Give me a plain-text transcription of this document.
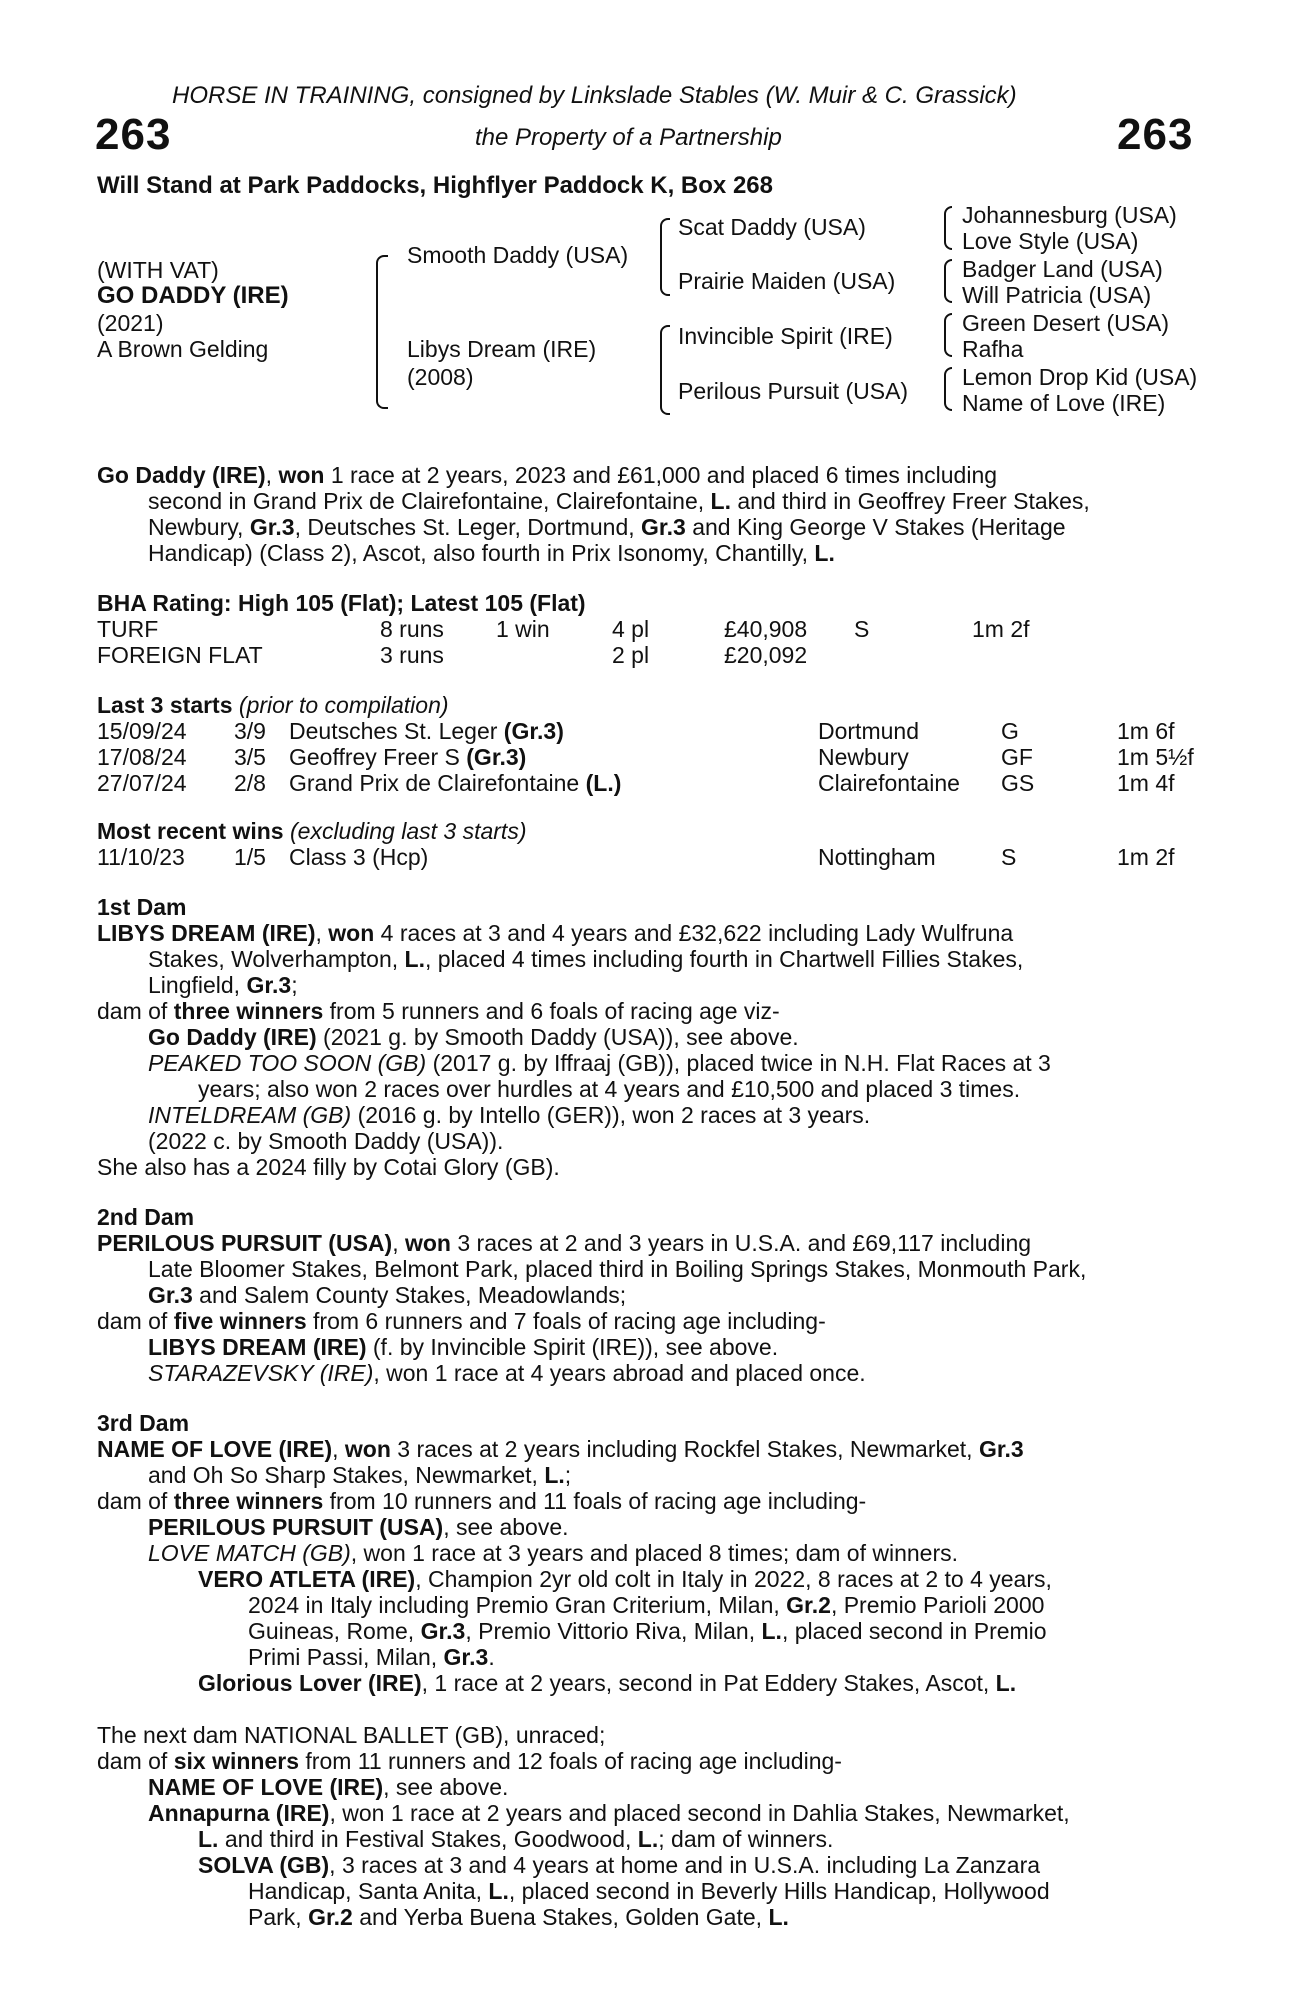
HORSE IN TRAINING, consigned by Linkslade Stables (W. Muir & C. Grassick)
263	the Property of a Partnership	263
Will Stand at Park Paddocks, Highflyer Paddock K, Box 268
(WITH VAT)
GO DADDY (IRE)
(2021)
A Brown Gelding
Smooth Daddy (USA)
Libys Dream (IRE)
(2008)
Scat Daddy (USA)
Prairie Maiden (USA)
Invincible Spirit (IRE)
Perilous Pursuit (USA)
Johannesburg (USA)
Love Style (USA)
Badger Land (USA)
Will Patricia (USA)
Green Desert (USA)
Rafha
Lemon Drop Kid (USA)
Name of Love (IRE)
Go Daddy (IRE), won 1 race at 2 years, 2023 and £61,000 and placed 6 times including
second in Grand Prix de Clairefontaine, Clairefontaine, L. and third in Geoffrey Freer Stakes,
Newbury, Gr.3, Deutsches St. Leger, Dortmund, Gr.3 and King George V Stakes (Heritage
Handicap) (Class 2), Ascot, also fourth in Prix Isonomy, Chantilly, L.
BHA Rating: High 105 (Flat); Latest 105 (Flat)
TURF	8 runs 1 win	4 pl	£40,908 S	1m 2f
FOREIGN FLAT	3 runs	2 pl	£20,092
Last 3 starts (prior to compilation)
15/09/24 3/9 Deutsches St. Leger (Gr.3)	Dortmund	G	1m 6f
17/08/24 3/5 Geoffrey Freer S (Gr.3)	Newbury	GF	1m 5½f
27/07/24 2/8 Grand Prix de Clairefontaine (L.)	Clairefontaine GS	1m 4f
Most recent wins (excluding last 3 starts)
11/10/23 1/5 Class 3 (Hcp)	Nottingham	S	1m 2f
1st Dam
LIBYS DREAM (IRE), won 4 races at 3 and 4 years and £32,622 including Lady Wulfruna
Stakes, Wolverhampton, L., placed 4 times including fourth in Chartwell Fillies Stakes,
Lingfield, Gr.3;
dam of three winners from 5 runners and 6 foals of racing age viz-
Go Daddy (IRE) (2021 g. by Smooth Daddy (USA)), see above.
PEAKED TOO SOON (GB) (2017 g. by Iffraaj (GB)), placed twice in N.H. Flat Races at 3
years; also won 2 races over hurdles at 4 years and £10,500 and placed 3 times.
INTELDREAM (GB) (2016 g. by Intello (GER)), won 2 races at 3 years.
(2022 c. by Smooth Daddy (USA)).
She also has a 2024 filly by Cotai Glory (GB).
2nd Dam
PERILOUS PURSUIT (USA), won 3 races at 2 and 3 years in U.S.A. and £69,117 including
Late Bloomer Stakes, Belmont Park, placed third in Boiling Springs Stakes, Monmouth Park,
Gr.3 and Salem County Stakes, Meadowlands;
dam of five winners from 6 runners and 7 foals of racing age including-
LIBYS DREAM (IRE) (f. by Invincible Spirit (IRE)), see above.
STARAZEVSKY (IRE), won 1 race at 4 years abroad and placed once.
3rd Dam
NAME OF LOVE (IRE), won 3 races at 2 years including Rockfel Stakes, Newmarket, Gr.3
and Oh So Sharp Stakes, Newmarket, L.;
dam of three winners from 10 runners and 11 foals of racing age including-
PERILOUS PURSUIT (USA), see above.
LOVE MATCH (GB), won 1 race at 3 years and placed 8 times; dam of winners.
VERO ATLETA (IRE), Champion 2yr old colt in Italy in 2022, 8 races at 2 to 4 years,
2024 in Italy including Premio Gran Criterium, Milan, Gr.2, Premio Parioli 2000
Guineas, Rome, Gr.3, Premio Vittorio Riva, Milan, L., placed second in Premio
Primi Passi, Milan, Gr.3.
Glorious Lover (IRE), 1 race at 2 years, second in Pat Eddery Stakes, Ascot, L.
The next dam NATIONAL BALLET (GB), unraced;
dam of six winners from 11 runners and 12 foals of racing age including-
NAME OF LOVE (IRE), see above.
Annapurna (IRE), won 1 race at 2 years and placed second in Dahlia Stakes, Newmarket,
L. and third in Festival Stakes, Goodwood, L.; dam of winners.
SOLVA (GB), 3 races at 3 and 4 years at home and in U.S.A. including La Zanzara
Handicap, Santa Anita, L., placed second in Beverly Hills Handicap, Hollywood
Park, Gr.2 and Yerba Buena Stakes, Golden Gate, L.
